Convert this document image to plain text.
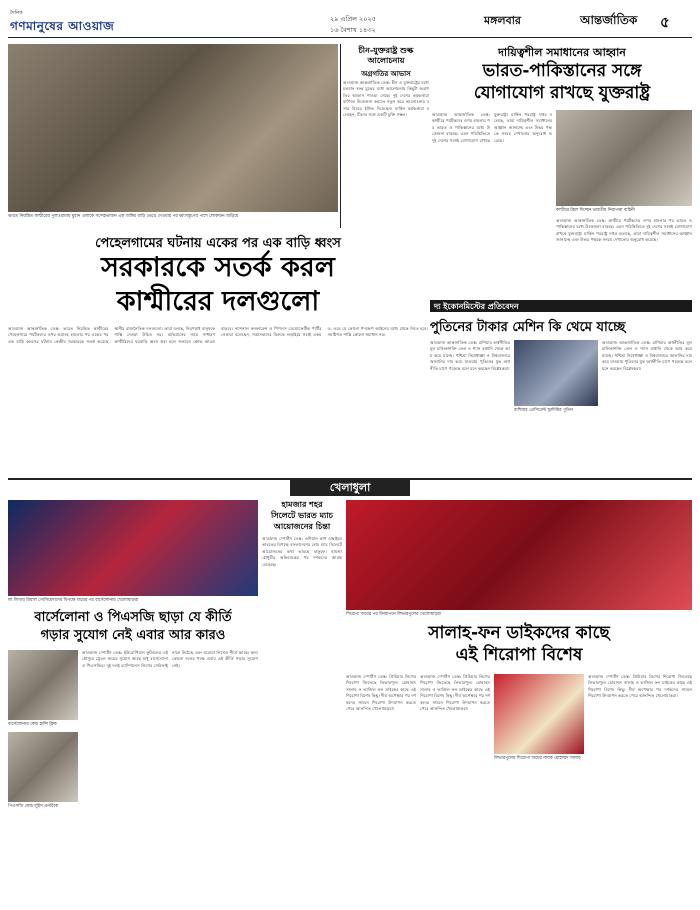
দৈনিক
গণমানুষের আওয়াজ	২৯ এপ্রিল ২০২৫
১৬ বৈশাখ ১৪৩২
মঙ্গলবার	আন্তর্জাতিক ৫
ভারত নিয়ন্ত্রিত কাশ্মীরের পুলওয়ামায় মুরান এলাকে সন্দেহভাজন এক জঙ্গির বাড়ি ভেঙে দেওয়ার পর ধ্বংসস্তূপের পাশে লোকজন জড়িয়ে
পেহেলগামের ঘটনায় একের পর এক বাড়ি ধ্বংস
সরকারকে সতর্ক করল
কাশ্মীরের দলগুলো
আওয়াজ আন্তর্জাতিক ডেস্ক: ভারত নিয়ন্ত্রিত কাশ্মীরের পেহেলগামে পর্যটকদের ওপর ভয়াবহ হামলার পর একের পর এক বাড়ি ধ্বংসের ঘটনায় কেন্দ্রীয় সরকারকে সতর্ক করেছে স্থানীয় রাজনৈতিক দলগুলো। তারা বলছে, নিরপরাধ মানুষকে শাস্তি দেওয়া উচিত নয়। অভিযানের নামে সাধারণ কাশ্মীরিদের ঘরবাড়ি ধ্বংস করা হলে জনমনে ক্ষোভ আরও বাড়বে। ন্যাশনাল কনফারেন্স ও পিপলস ডেমোক্রেটিক পার্টির নেতারা বলেছেন, সন্ত্রাসবাদের বিরুদ্ধে লড়াইয়ে সবাই একমত, তবে যে কোনো পদক্ষেপ আইনের মধ্যে থেকে নিতে হবে। সমষ্টিগত শাস্তি কোনো সমাধান নয়।
চীন-যুক্তরাষ্ট্র শুল্ক আলোচনায়
অগ্রগতির আভাস
আওয়াজ আন্তর্জাতিক ডেস্ক: চীন ও যুক্তরাষ্ট্রের মধ্যে চলমান শুল্ক যুদ্ধের মধ্যে আলোচনায় কিছুটা অগ্রগতির আভাস পাওয়া গেছে। দুই দেশের কর্মকর্তারা বাণিজ্য উত্তেজনা কমাতে নতুন করে আলোচনায় বসার বিষয়ে ইঙ্গিত দিয়েছেন। মার্কিন কর্মকর্তারা বলেছেন, চীনের সঙ্গে একটি চুক্তি সম্ভব।
দায়িত্বশীল সমাধানের আহ্বান
ভারত-পাকিস্তানের সঙ্গে
যোগাযোগ রাখছে যুক্তরাষ্ট্র
আওয়াজ আন্তর্জাতিক ডেস্ক: কাশ্মীরে পর্যটকদের ওপর হামলার পর ভারত ও পাকিস্তানের মধ্যে উত্তেজনা বাড়ছে। এমন পরিস্থিতিতে দুই দেশের সঙ্গেই যোগাযোগ রাখছে যুক্তরাষ্ট্র। মার্কিন পররাষ্ট্র দপ্তর বলেছে, তারা দায়িত্বশীল সমাধানের আহ্বান জানাচ্ছে এবং উভয় পক্ষকে সংযম দেখানোর অনুরোধ করেছে।
কাশ্মীরে টহল দিচ্ছেন ভারতীয় নিরাপত্তা বাহিনী
আওয়াজ আন্তর্জাতিক ডেস্ক: কাশ্মীরে পর্যটকদের ওপর হামলার পর ভারত ও পাকিস্তানের মধ্যে উত্তেজনা বাড়ছে। এমন পরিস্থিতিতে দুই দেশের সঙ্গেই যোগাযোগ রাখছে যুক্তরাষ্ট্র। মার্কিন পররাষ্ট্র দপ্তর বলেছে, তারা দায়িত্বশীল সমাধানের আহ্বান জানাচ্ছে এবং উভয় পক্ষকে সংযম দেখানোর অনুরোধ করেছে।
দ্য ইকোনমিস্টের প্রতিবেদন
পুতিনের টাকার মেশিন কি থেমে যাচ্ছে
আওয়াজ আন্তর্জাতিক ডেস্ক: রাশিয়ার অর্থনীতির মূল চালিকাশক্তি তেল ও গ্যাস রপ্তানি থেকে আয় কমে যাচ্ছে। পশ্চিমা নিষেধাজ্ঞা ও বিশ্ববাজারে জ্বালানির দাম কমে যাওয়ায় পুতিনের যুদ্ধ অর্থনীতি চাপে পড়েছে বলে মনে করছেন বিশ্লেষকরা।
রাশিয়ার প্রেসিডেন্ট ভ্লাদিমির পুতিন
আওয়াজ আন্তর্জাতিক ডেস্ক: রাশিয়ার অর্থনীতির মূল চালিকাশক্তি তেল ও গ্যাস রপ্তানি থেকে আয় কমে যাচ্ছে। পশ্চিমা নিষেধাজ্ঞা ও বিশ্ববাজারে জ্বালানির দাম কমে যাওয়ায় পুতিনের যুদ্ধ অর্থনীতি চাপে পড়েছে বলে মনে করছেন বিশ্লেষকরা।
খেলাধুলা
লা লিগায় রিয়াল সোসিয়েদাদের বিপক্ষে জয়ের পর বার্সেলোনার খেলোয়াড়রা
বার্সেলোনা ও পিএসজি ছাড়া যে কীর্তি
গড়ার সুযোগ নেই এবার আর কারও
বার্সেলোনার কোচ হান্সি ফ্লিক
পিএসজি কোচ লুইস এনরিকে
আওয়াজ স্পোর্টস ডেস্ক: ইউরোপিয়ান ফুটবলের এই মৌসুমে ট্রেবল জয়ের সুযোগ আছে শুধু বার্সেলোনা ও পিএসজির। দুই দলই চ্যাম্পিয়নস লিগের সেমিফাইনালে উঠেছে এবং ঘরোয়া লিগেও শীর্ষে আছে। অন্য কোনো দলের পক্ষে এবার এই কীর্তি গড়ার সুযোগ নেই।
হামজার শহর
সিলেটে ভারত ম্যাচ
আয়োজনের চিন্তা
আওয়াজ স্পোর্টস ডেস্ক: এশিয়ান কাপ বাছাইয়ে ভারতের বিপক্ষে বাংলাদেশের হোম ম্যাচ সিলেটে আয়োজনের কথা ভাবছে বাফুফে। হামজা চৌধুরীর অভিষেকের পর দর্শকদের আগ্রহ বেড়েছে।
শিরোপা জয়ের পর উদযাপনে লিভারপুলের খেলোয়াড়রা
সালাহ-ফন ডাইকদের কাছে
এই শিরোপা বিশেষ
আওয়াজ স্পোর্টস ডেস্ক: প্রিমিয়ার লিগের শিরোপা জিতেছে লিভারপুল। মোহাম্মদ সালাহ ও ভার্জিল ফন ডাইকের কাছে এই শিরোপা বিশেষ কিছু। দীর্ঘ অপেক্ষার পর দর্শকদের সামনে শিরোপা উদযাপন করতে পেরে আনন্দিত খেলোয়াড়রা।
আওয়াজ স্পোর্টস ডেস্ক: প্রিমিয়ার লিগের শিরোপা জিতেছে লিভারপুল। মোহাম্মদ সালাহ ও ভার্জিল ফন ডাইকের কাছে এই শিরোপা বিশেষ কিছু। দীর্ঘ অপেক্ষার পর দর্শকদের সামনে শিরোপা উদযাপন করতে পেরে আনন্দিত খেলোয়াড়রা।
লিভারপুলের শিরোপা জয়ের নায়ক মোহাম্মদ সালাহ
আওয়াজ স্পোর্টস ডেস্ক: প্রিমিয়ার লিগের শিরোপা জিতেছে লিভারপুল। মোহাম্মদ সালাহ ও ভার্জিল ফন ডাইকের কাছে এই শিরোপা বিশেষ কিছু। দীর্ঘ অপেক্ষার পর দর্শকদের সামনে শিরোপা উদযাপন করতে পেরে আনন্দিত খেলোয়াড়রা।
